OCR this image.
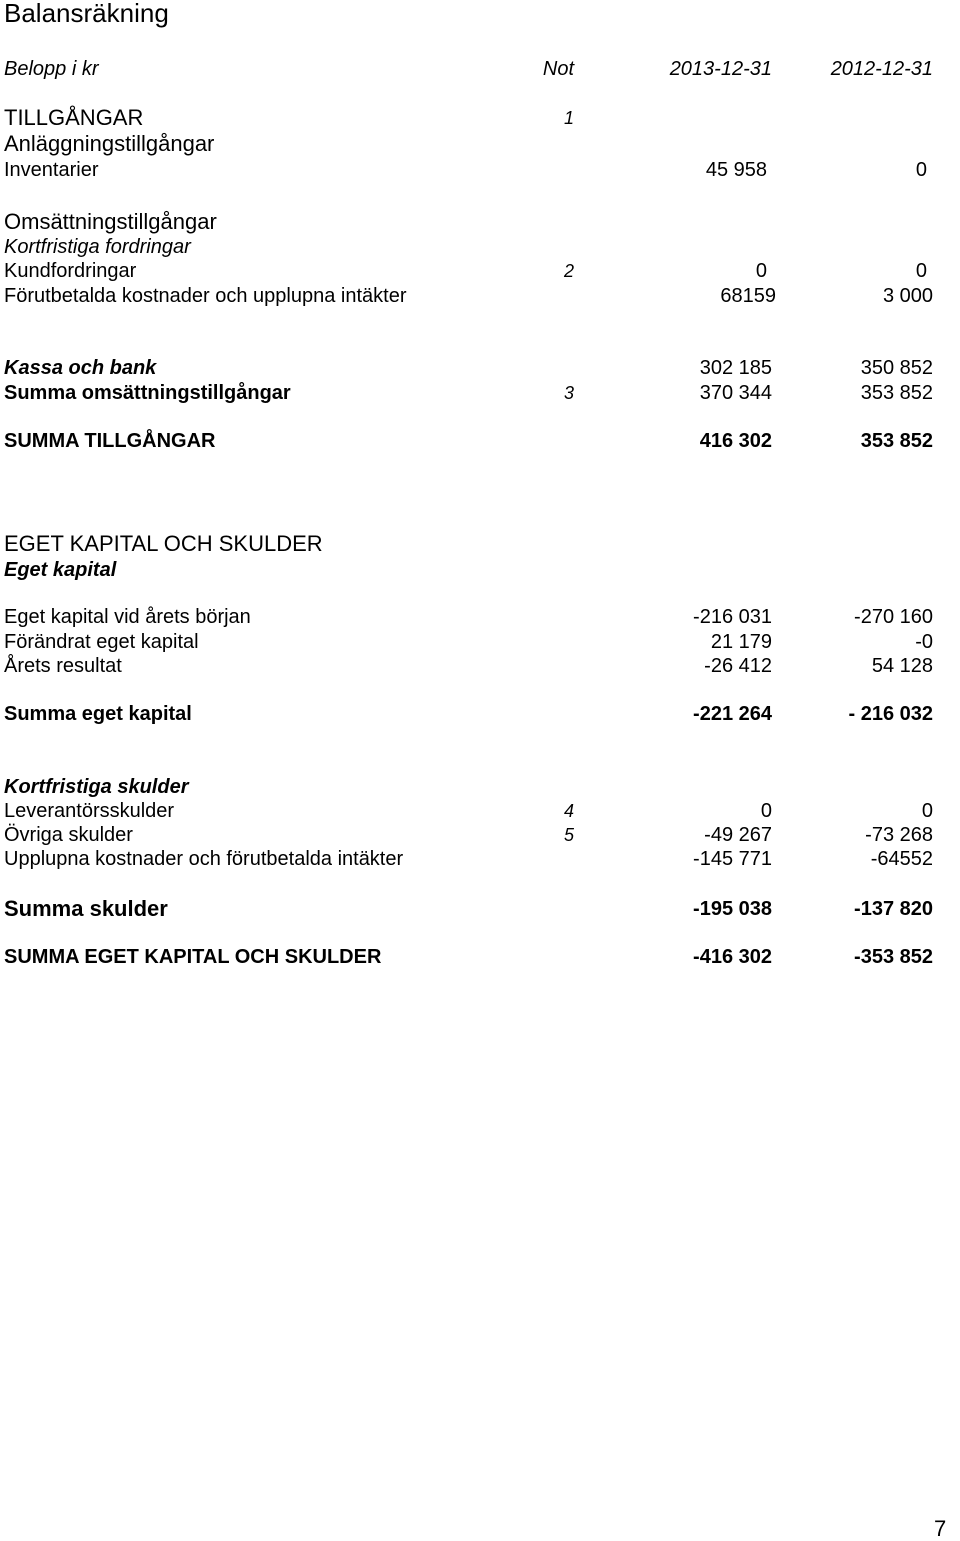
Balansräkning
Belopp i kr	Not	2013-12-31	2012-12-31
TILLGÅNGAR	1
Anläggningstillgångar
Inventarier	45 958	0
Omsättningstillgångar
Kortfristiga fordringar
Kundfordringar	2	0	0
Förutbetalda kostnader och upplupna intäkter	68159	3 000
Kassa och bank	302 185	350 852
Summa omsättningstillgångar	3	370 344	353 852
SUMMA TILLGÅNGAR	416 302	353 852
EGET KAPITAL OCH SKULDER
Eget kapital
Eget kapital vid årets början	-216 031	-270 160
Förändrat eget kapital	21 179	-0
Årets resultat	-26 412	54 128
Summa eget kapital	-221 264	- 216 032
Kortfristiga skulder
Leverantörsskulder	4	0	0
Övriga skulder	5	-49 267	-73 268
Upplupna kostnader och förutbetalda intäkter	-145 771	-64552
Summa skulder	-195 038	-137 820
SUMMA EGET KAPITAL OCH SKULDER	-416 302	-353 852
7
